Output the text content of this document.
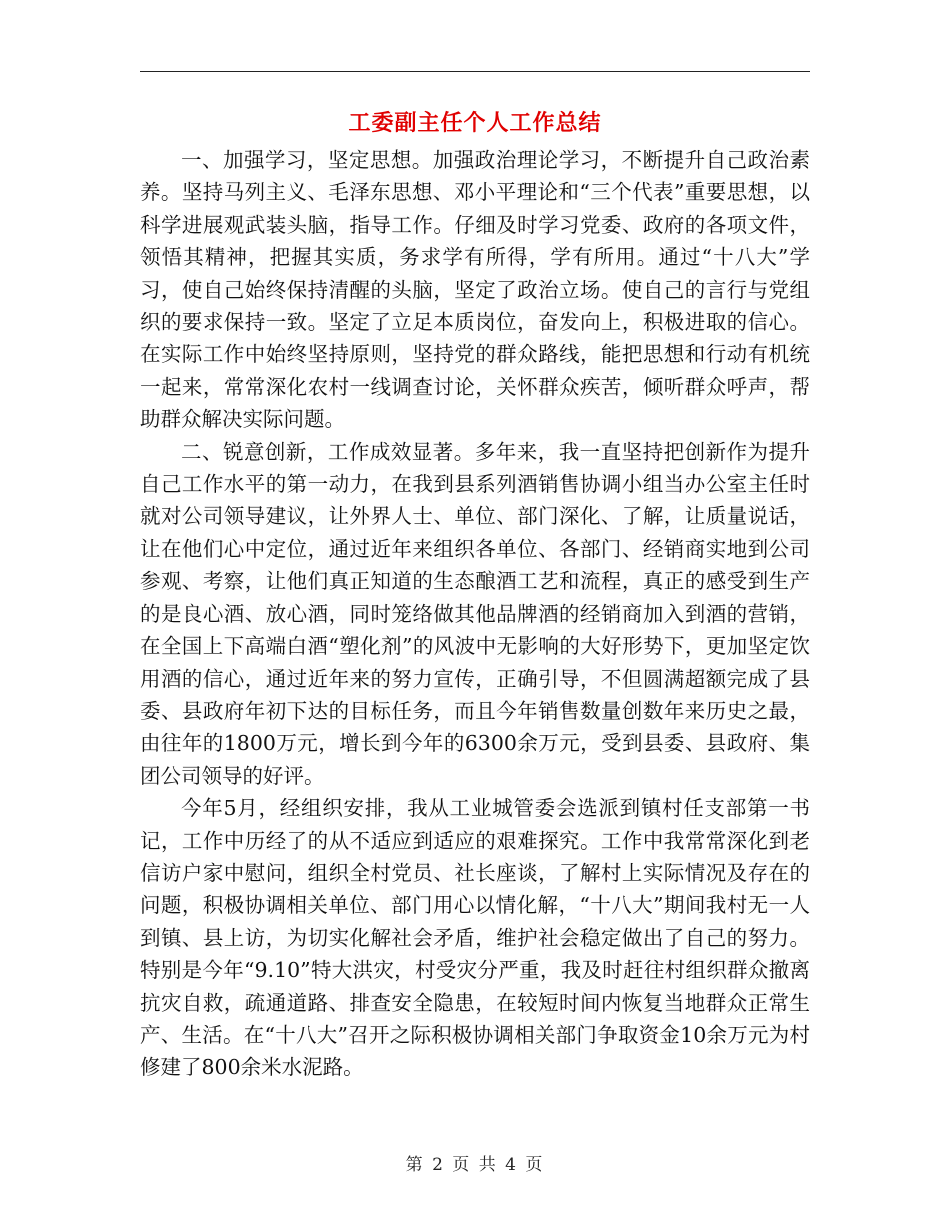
工委副主任个人工作总结

一、加强学习，坚定思想。加强政治理论学习，不断提升自己政治素养。坚持马列主义、毛泽东思想、邓小平理论和“三个代表”重要思想，以科学进展观武装头脑，指导工作。仔细及时学习党委、政府的各项文件，领悟其精神，把握其实质，务求学有所得，学有所用。通过“十八大”学习，使自己始终保持清醒的头脑，坚定了政治立场。使自己的言行与党组织的要求保持一致。坚定了立足本质岗位，奋发向上，积极进取的信心。在实际工作中始终坚持原则，坚持党的群众路线，能把思想和行动有机统一起来，常常深化农村一线调查讨论，关怀群众疾苦，倾听群众呼声，帮助群众解决实际问题。

二、锐意创新，工作成效显著。多年来，我一直坚持把创新作为提升自己工作水平的第一动力，在我到县系列酒销售协调小组当办公室主任时就对公司领导建议，让外界人士、单位、部门深化、了解，让质量说话，让在他们心中定位，通过近年来组织各单位、各部门、经销商实地到公司参观、考察，让他们真正知道的生态酿酒工艺和流程，真正的感受到生产的是良心酒、放心酒，同时笼络做其他品牌酒的经销商加入到酒的营销，在全国上下高端白酒“塑化剂”的风波中无影响的大好形势下，更加坚定饮用酒的信心，通过近年来的努力宣传，正确引导，不但圆满超额完成了县委、县政府年初下达的目标任务，而且今年销售数量创数年来历史之最，由往年的1800万元，增长到今年的6300余万元，受到县委、县政府、集团公司领导的好评。

今年5月，经组织安排，我从工业城管委会选派到镇村任支部第一书记，工作中历经了的从不适应到适应的艰难探究。工作中我常常深化到老信访户家中慰问，组织全村党员、社长座谈，了解村上实际情况及存在的问题，积极协调相关单位、部门用心以情化解，“十八大”期间我村无一人到镇、县上访，为切实化解社会矛盾，维护社会稳定做出了自己的努力。特别是今年“9.10”特大洪灾，村受灾分严重，我及时赶往村组织群众撤离抗灾自救，疏通道路、排查安全隐患，在较短时间内恢复当地群众正常生产、生活。在“十八大”召开之际积极协调相关部门争取资金10余万元为村修建了800余米水泥路。

第 2 页 共 4 页
